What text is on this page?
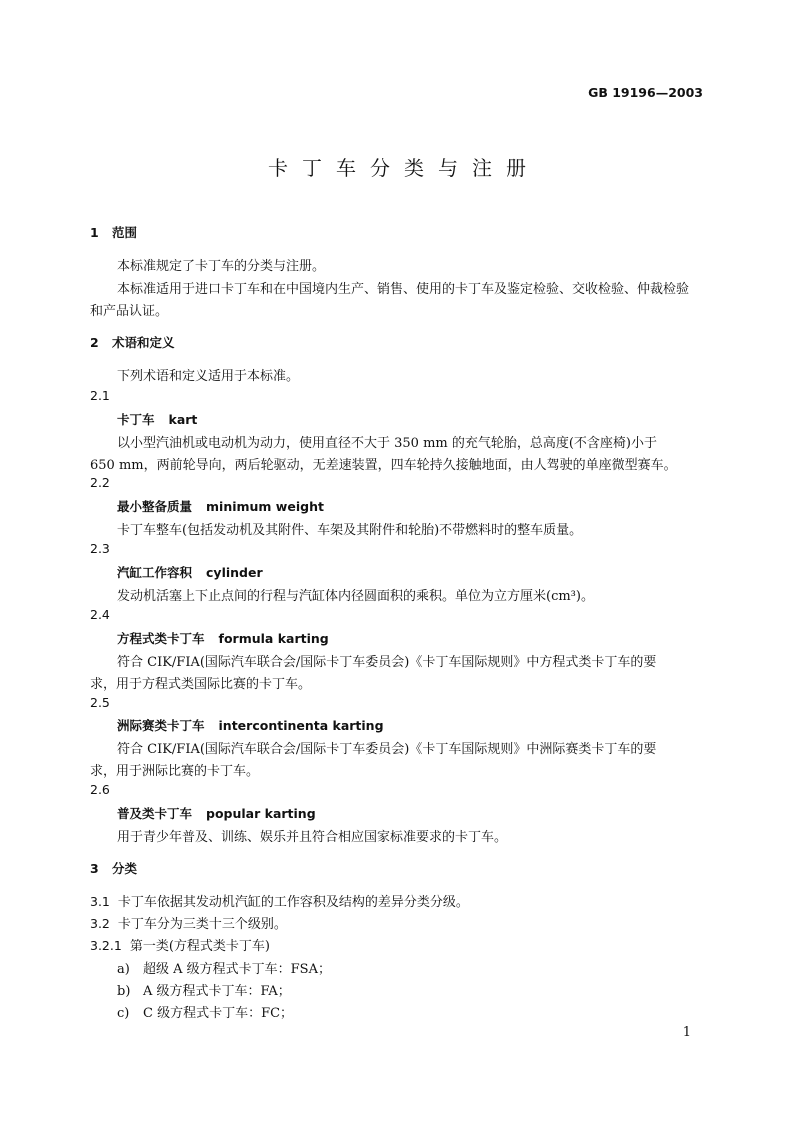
GB 19196—2003
卡丁车分类与注册
1 范围
本标准规定了卡丁车的分类与注册。
本标准适用于进口卡丁车和在中国境内生产、销售、使用的卡丁车及鉴定检验、交收检验、仲裁检验
和产品认证。
2 术语和定义
下列术语和定义适用于本标准。
2.1
卡丁车 kart
以小型汽油机或电动机为动力，使用直径不大于 350 mm 的充气轮胎，总高度(不含座椅)小于
650 mm，两前轮导向，两后轮驱动，无差速装置，四车轮持久接触地面，由人驾驶的单座微型赛车。
2.2
最小整备质量 minimum weight
卡丁车整车(包括发动机及其附件、车架及其附件和轮胎)不带燃料时的整车质量。
2.3
汽缸工作容积 cylinder
发动机活塞上下止点间的行程与汽缸体内径圆面积的乘积。单位为立方厘米(cm³)。
2.4
方程式类卡丁车 formula karting
符合 CIK/FIA(国际汽车联合会/国际卡丁车委员会)《卡丁车国际规则》中方程式类卡丁车的要
求，用于方程式类国际比赛的卡丁车。
2.5
洲际赛类卡丁车 intercontinenta karting
符合 CIK/FIA(国际汽车联合会/国际卡丁车委员会)《卡丁车国际规则》中洲际赛类卡丁车的要
求，用于洲际比赛的卡丁车。
2.6
普及类卡丁车 popular karting
用于青少年普及、训练、娱乐并且符合相应国家标准要求的卡丁车。
3 分类
3.1 卡丁车依据其发动机汽缸的工作容积及结构的差异分类分级。
3.2 卡丁车分为三类十三个级别。
3.2.1 第一类(方程式类卡丁车)
a) 超级 A 级方程式卡丁车：FSA；
b) A 级方程式卡丁车：FA；
c) C 级方程式卡丁车：FC；
1
